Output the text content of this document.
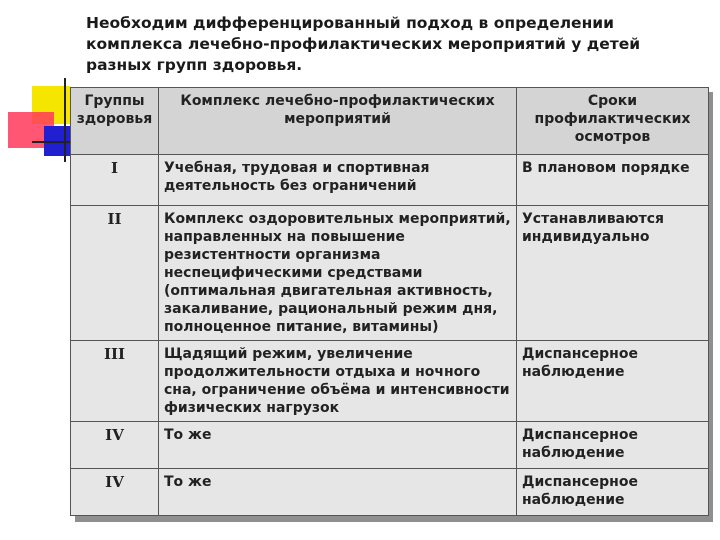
Необходим дифференцированный подход в определении
комплекса лечебно-профилактических мероприятий у детей
разных групп здоровья.

Группы здоровья	Комплекс лечебно-профилактических мероприятий	Сроки профилактических осмотров
I	Учебная, трудовая и спортивная деятельность без ограничений	В плановом порядке
II	Комплекс оздоровительных мероприятий, направленных на повышение резистентности организма неспецифическими средствами (оптимальная двигательная активность, закаливание, рациональный режим дня, полноценное питание, витамины)	Устанавливаются индивидуально
III	Щадящий режим, увеличение продолжительности отдыха и ночного сна, ограничение объёма и интенсивности физических нагрузок	Диспансерное наблюдение
IV	То же	Диспансерное наблюдение
IV	То же	Диспансерное наблюдение
